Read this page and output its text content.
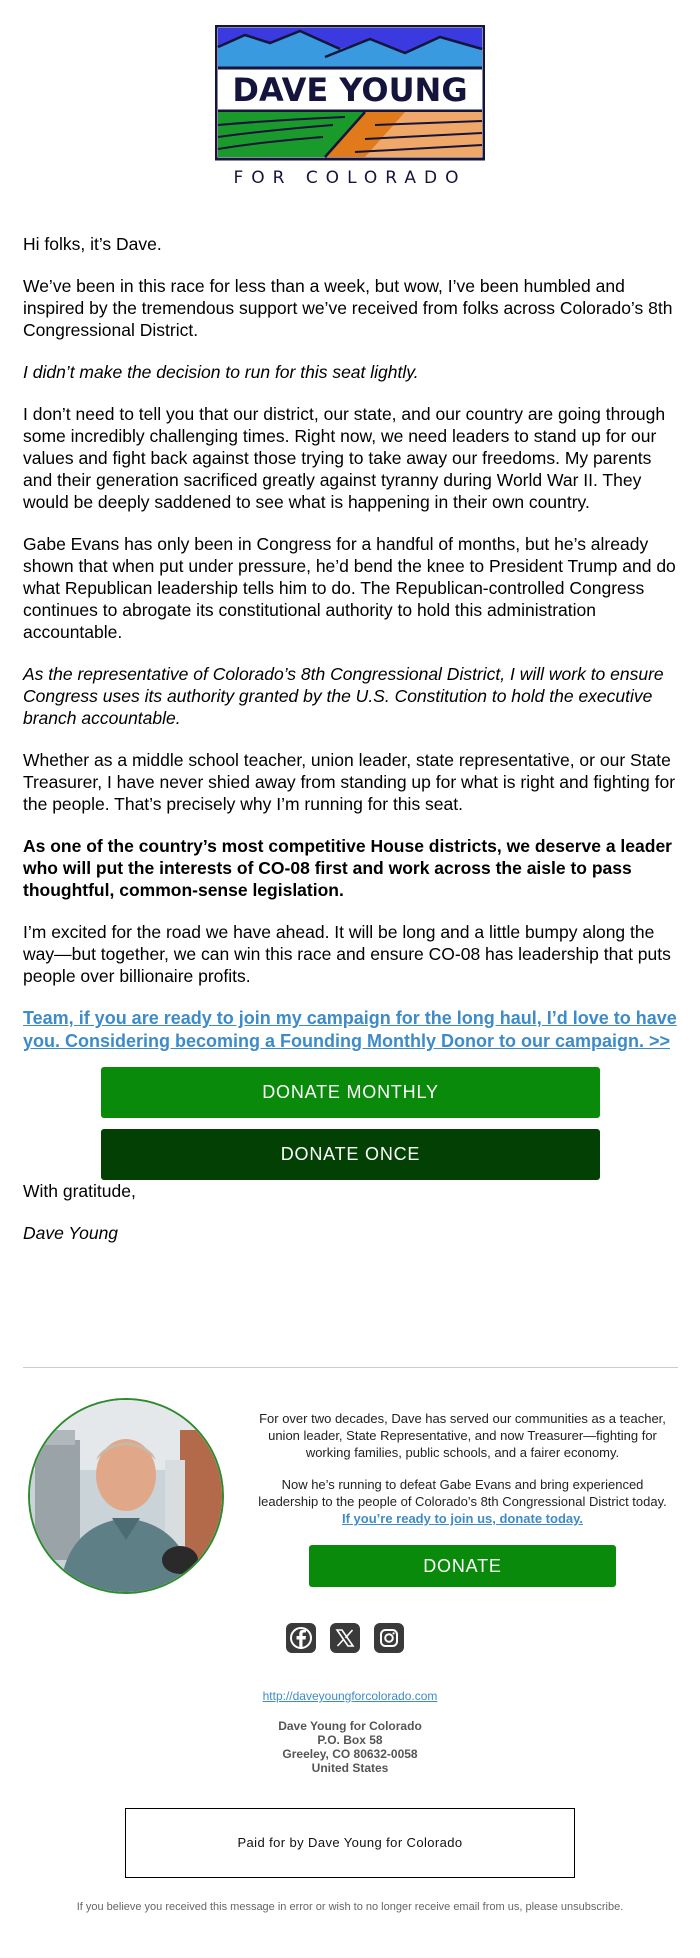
DAVE YOUNG
FOR COLORADO

Hi folks, it’s Dave.

We’ve been in this race for less than a week, but wow, I’ve been humbled and inspired by the tremendous support we’ve received from folks across Colorado’s 8th Congressional District.

I didn’t make the decision to run for this seat lightly.

I don’t need to tell you that our district, our state, and our country are going through some incredibly challenging times. Right now, we need leaders to stand up for our values and fight back against those trying to take away our freedoms. My parents and their generation sacrificed greatly against tyranny during World War II. They would be deeply saddened to see what is happening in their own country.

Gabe Evans has only been in Congress for a handful of months, but he’s already shown that when put under pressure, he’d bend the knee to President Trump and do what Republican leadership tells him to do. The Republican-controlled Congress continues to abrogate its constitutional authority to hold this administration accountable.

As the representative of Colorado’s 8th Congressional District, I will work to ensure Congress uses its authority granted by the U.S. Constitution to hold the executive branch accountable.

Whether as a middle school teacher, union leader, state representative, or our State Treasurer, I have never shied away from standing up for what is right and fighting for the people. That’s precisely why I’m running for this seat.

As one of the country’s most competitive House districts, we deserve a leader who will put the interests of CO-08 first and work across the aisle to pass thoughtful, common-sense legislation.

I’m excited for the road we have ahead. It will be long and a little bumpy along the way—but together, we can win this race and ensure CO-08 has leadership that puts people over billionaire profits.

Team, if you are ready to join my campaign for the long haul, I’d love to have you. Considering becoming a Founding Monthly Donor to our campaign. >>

DONATE MONTHLY
DONATE ONCE

With gratitude,

Dave Young

For over two decades, Dave has served our communities as a teacher, union leader, State Representative, and now Treasurer—fighting for working families, public schools, and a fairer economy.

Now he’s running to defeat Gabe Evans and bring experienced leadership to the people of Colorado’s 8th Congressional District today. If you’re ready to join us, donate today.

DONATE
http://daveyoungforcolorado.com
Dave Young for Colorado
P.O. Box 58
Greeley, CO 80632-0058
United States
Paid for by Dave Young for Colorado
If you believe you received this message in error or wish to no longer receive email from us, please unsubscribe.
